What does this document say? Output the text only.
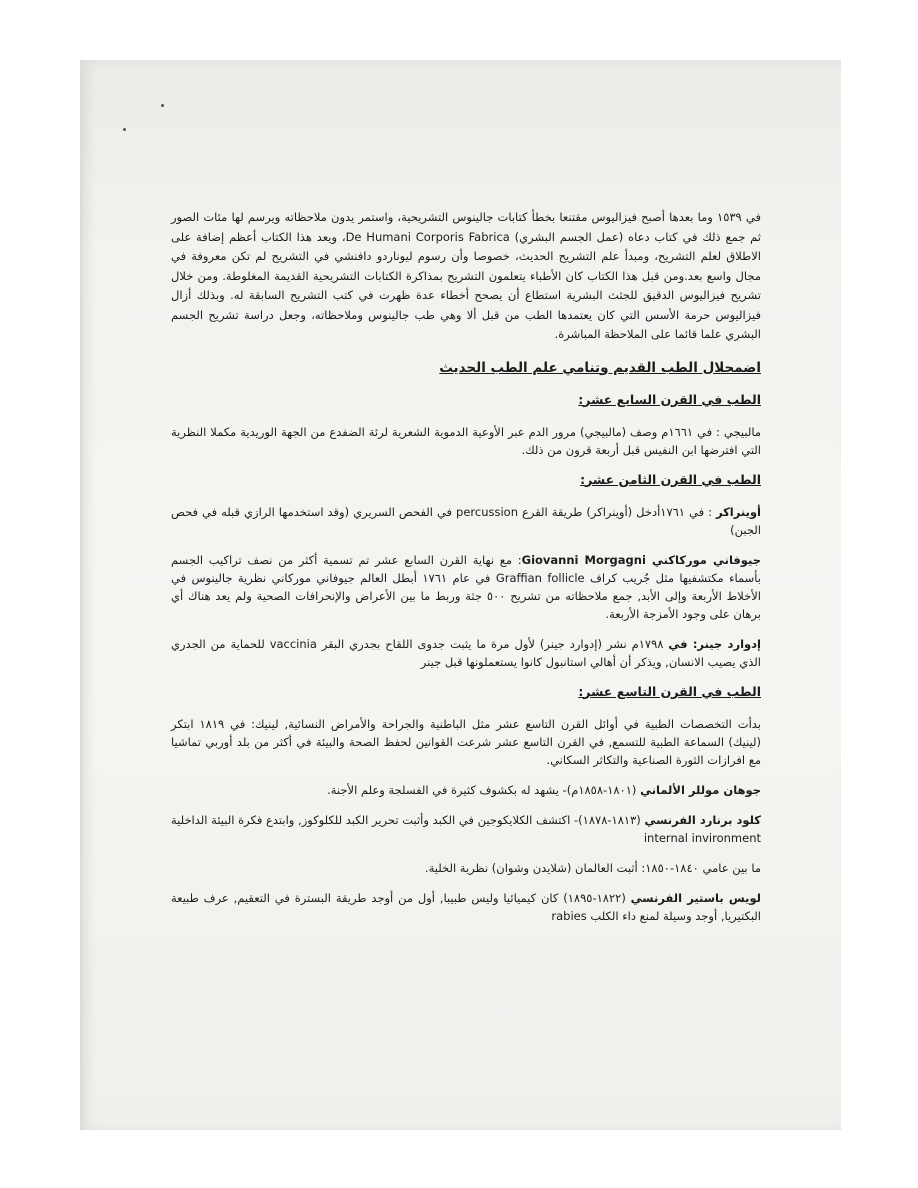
في ١٥٣٩ وما بعدها أصبح فيزاليوس مقتنعا بخطأ كتابات جالينوس التشريحية، واستمر يدون ملاحظاته ويرسم لها مئات الصور ثم جمع ذلك في كتاب دعاه (عمل الجسم البشري) De Humani Corporis Fabrica، ويعد هذا الكتاب أعظم إضافة على الاطلاق لعلم التشريح، ومبدأ علم التشريح الحديث، خصوصا وأن رسوم ليوناردو دافنشي في التشريح لم تكن معروفة في مجال واسع بعد.ومن قبل هذا الكتاب كان الأطباء يتعلمون التشريح بمذاكرة الكتابات التشريحية القديمة المغلوطة. ومن خلال تشريح فيزاليوس الدقيق للجثث البشرية استطاع أن يصحح أخطاء عدة ظهرت في كتب التشريح السابقة له. وبذلك أزال فيزاليوس حرمة الأسس التي كان يعتمدها الطب من قبل ألا وهي طب جالينوس وملاحظاته، وجعل دراسة تشريح الجسم البشري علما قائما على الملاحظة المباشرة.

اضمحلال الطب القديم وتنامي علم الطب الحديث

الطب في القرن السابع عشر:

مالبيجي : في ١٦٦١م وصف (مالبيجي) مرور الدم عبر الأوعية الدموية الشعرية لرئة الضفدع من الجهة الوريدية مكملا النظرية التي افترضها ابن النفيس قبل أربعة قرون من ذلك.

الطب في القرن الثامن عشر:

أوينراكر : في ١٧٦١أدخل (أوينراكر) طريقة القرع percussion في الفحص السريري (وقد استخدمها الرازي قبله في فحص الجبن)

جيوفاني موركاكني Giovanni Morgagni: مع نهاية القرن السابع عشر تم تسمية أكثر من نصف تراكيب الجسم بأسماء مكتشفيها مثل جُريب كراف Graffian follicle في عام ١٧٦١ أبطل العالم جيوفاني موركاني نظرية جالينوس في الأخلاط الأربعة وإلى الأبد, جمع ملاحظاته من تشريح ٥٠٠ جثة وربط ما بين الأعراض والإنحرافات الصحية ولم يعد هناك أي برهان على وجود الأمزجة الأربعة.

إدوارد جينر: في ١٧٩٨م نشر (إدوارد جينر) لأول مرة ما يثبت جدوى اللقاح بجدري البقر vaccinia للحماية من الجدري الذي يصيب الانسان, ويذكر أن أهالي استانبول كانوا يستعملونها قبل جينر

الطب في القرن التاسع عشر:

بدأت التخصصات الطبية في أوائل القرن التاسع عشر مثل الباطنية والجراحة والأمراض النسائية, لينيك: في ١٨١٩ ابتكر (لينيك) السماعة الطبية للتسمع, في القرن التاسع عشر شرعت القوانين لحفظ الصحة والبيئة في أكثر من بلد أوربي تماشيا مع افرازات الثورة الصناعية والتكاثر السكاني.

جوهان موللر الألماني (١٨٠١-١٨٥٨م)- يشهد له بكشوف كثيرة في الفسلجة وعلم الأجنة.

كلود برنارد الفرنسي (١٨١٣-١٨٧٨)- اكتشف الكلايكوجين في الكبد وأثبت تحرير الكبد للكلوكوز, وابتدع فكرة البيئة الداخلية internal invironment

ما بين عامي ١٨٤٠-١٨٥٠: أثبت العالمان (شلايدن وشوان) نظرية الخلية.

لويس باستير الفرنسي (١٨٢٢-١٨٩٥) كان كيميائيا وليس طبيبا, أول من أوجد طريقة البسترة في التعقيم, عرف طبيعة البكتيريا, أوجد وسيلة لمنع داء الكلب rabies
